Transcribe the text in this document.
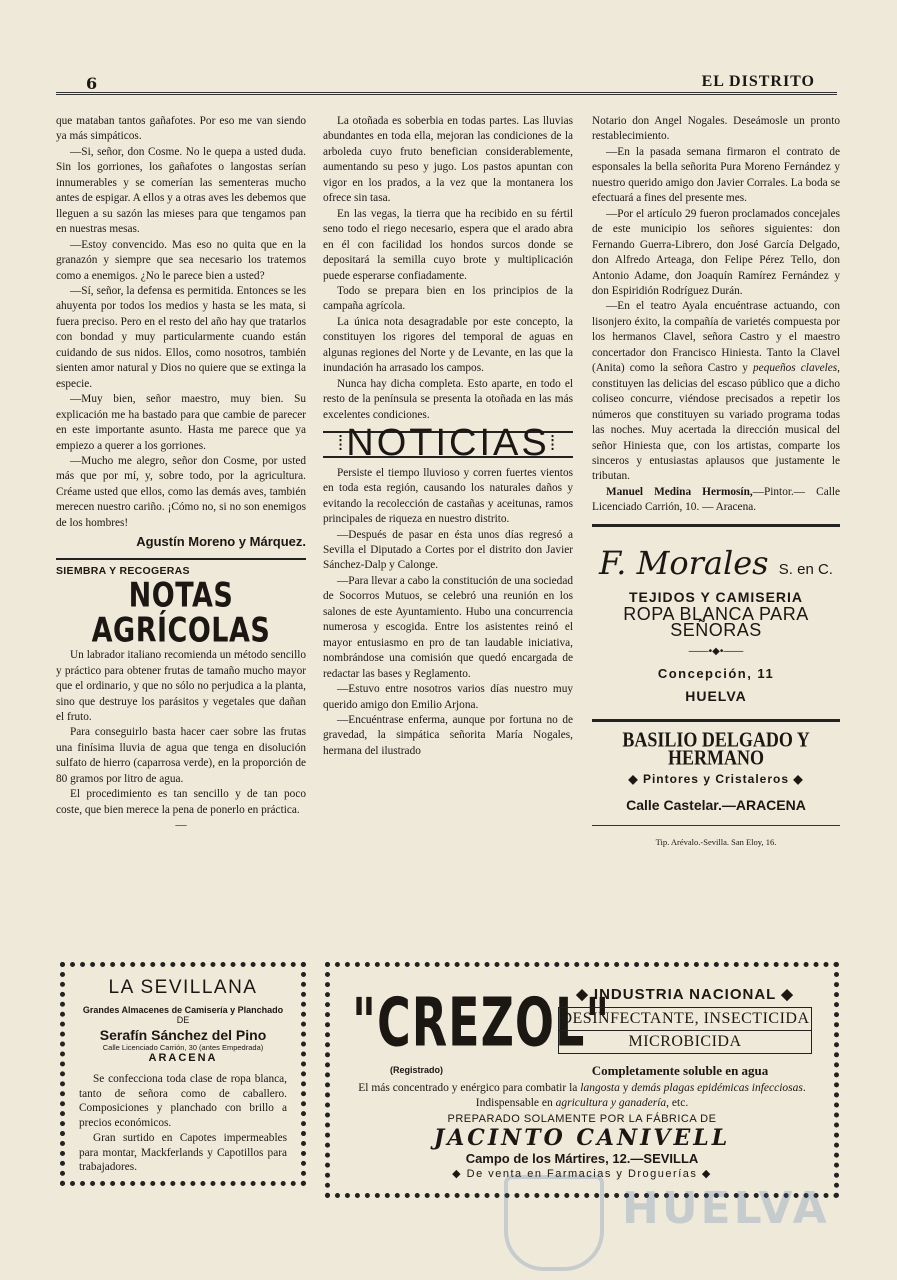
6	EL DISTRITO

que mataban tantos gañafotes. Por eso me van siendo ya más simpáticos.

—Si, señor, don Cosme. No le quepa a usted duda. Sin los gorriones, los gañafotes o langostas serían innumerables y se comerían las sementeras mucho antes de espigar. A ellos y a otras aves les debemos que lleguen a su sazón las mieses para que tengamos pan en nuestras mesas.

—Estoy convencido. Mas eso no quita que en la granazón y siempre que sea necesario los tratemos como a enemigos. ¿No le parece bien a usted?

—Sí, señor, la defensa es permitida. Entonces se les ahuyenta por todos los medios y hasta se les mata, si fuera preciso. Pero en el resto del año hay que tratarlos con bondad y muy particularmente cuando están cuidando de sus nidos. Ellos, como nosotros, también sienten amor natural y Dios no quiere que se extinga la especie.

—Muy bien, señor maestro, muy bien. Su explicación me ha bastado para que cambie de parecer en este importante asunto. Hasta me parece que ya empiezo a querer a los gorriones.

—Mucho me alegro, señor don Cosme, por usted más que por mí, y, sobre todo, por la agricultura. Créame usted que ellos, como las demás aves, también merecen nuestro cariño. ¡Cómo no, si no son enemigos de los hombres!

Agustín Moreno y Márquez.
SIEMBRA Y RECOGERAS
NOTAS AGRÍCOLAS

Un labrador italiano recomienda un método sencillo y práctico para obtener frutas de tamaño mucho mayor que el ordinario, y que no sólo no perjudica a la planta, sino que destruye los parásitos y vegetales que dañan el fruto.

Para conseguirlo basta hacer caer sobre las frutas una finísima lluvia de agua que tenga en disolución sulfato de hierro (caparrosa verde), en la proporción de 80 gramos por litro de agua.

El procedimiento es tan sencillo y de tan poco coste, que bien merece la pena de ponerlo en práctica.

—

La otoñada es soberbia en todas partes. Las lluvias abundantes en toda ella, mejoran las condiciones de la arboleda cuyo fruto benefician considerablemente, aumentando su peso y jugo. Los pastos apuntan con vigor en los prados, a la vez que la montanera los ofrece sin tasa.

En las vegas, la tierra que ha recibido en su fértil seno todo el riego necesario, espera que el arado abra en él con facilidad los hondos surcos donde se depositará la semilla cuyo brote y multiplicación puede esperarse confiadamente.

Todo se prepara bien en los principios de la campaña agrícola.

La única nota desagradable por este concepto, la constituyen los rigores del temporal de aguas en algunas regiones del Norte y de Levante, en las que la inundación ha arrasado los campos.

Nunca hay dicha completa. Esto aparte, en todo el resto de la península se presenta la otoñada en las más excelentes condiciones.

⁞NOTICIAS⁞

Persiste el tiempo lluvioso y corren fuertes vientos en toda esta región, causando los naturales daños y evitando la recolección de castañas y aceitunas, ramos principales de riqueza en nuestro distrito.

—Después de pasar en ésta unos días regresó a Sevilla el Diputado a Cortes por el distrito don Javier Sánchez-Dalp y Calonge.

—Para llevar a cabo la constitución de una sociedad de Socorros Mutuos, se celebró una reunión en los salones de este Ayuntamiento. Hubo una concurrencia numerosa y escogida. Entre los asistentes reinó el mayor entusiasmo en pro de tan laudable iniciativa, nombrándose una comisión que quedó encargada de redactar las bases y Reglamento.

—Estuvo entre nosotros varios días nuestro muy querido amigo don Emilio Arjona.

—Encuéntrase enferma, aunque por fortuna no de gravedad, la simpática señorita María Nogales, hermana del ilustrado

Notario don Angel Nogales. Deseámosle un pronto restablecimiento.

—En la pasada semana firmaron el contrato de esponsales la bella señorita Pura Moreno Fernández y nuestro querido amigo don Javier Corrales. La boda se efectuará a fines del presente mes.

—Por el artículo 29 fueron proclamados concejales de este municipio los señores siguientes: don Fernando Guerra-Librero, don José García Delgado, don Alfredo Arteaga, don Felipe Pérez Tello, don Antonio Adame, don Joaquín Ramírez Fernández y don Espiridión Rodríguez Durán.

—En el teatro Ayala encuéntrase actuando, con lisonjero éxito, la compañía de varietés compuesta por los hermanos Clavel, señora Castro y el maestro concertador don Francisco Hiniesta. Tanto la Clavel (Anita) como la señora Castro y pequeños claveles, constituyen las delicias del escaso público que a dicho coliseo concurre, viéndose precisados a repetir los números que constituyen su variado programa todas las noches. Muy acertada la dirección musical del señor Hiniesta que, con los artistas, comparte los sinceros y entusiastas aplausos que justamente le tributan.

Manuel Medina Hermosín,—Pintor.— Calle Licenciado Carrión, 10. — Aracena.

F. Morales S. en C.
TEJIDOS Y CAMISERIA
ROPA BLANCA PARA SEÑORAS
——•◆•——
Concepción, 11
HUELVA
BASILIO DELGADO Y HERMANO
◆ Pintores y Cristaleros ◆
Calle Castelar.—ARACENA
Tip. Arévalo.-Sevilla. San Eloy, 16.
LA SEVILLANA
Grandes Almacenes de Camisería y Planchado
DE
Serafín Sánchez del Pino
Calle Licenciado Carrión, 30 (antes Empedrada)
ARACENA

Se confecciona toda clase de ropa blanca, tanto de señora como de caballero. Composiciones y planchado con brillo a precios económicos.

Gran surtido en Capotes impermeables para montar, Mackferlands y Capotillos para trabajadores.

"CREZOL"
(Registrado)
◆ INDUSTRIA NACIONAL ◆
DESINFECTANTE, INSECTICIDA
MICROBICIDA
Completamente soluble en agua
El más concentrado y enérgico para combatir la langosta y demás plagas epidémicas infecciosas. Indispensable en agricultura y ganadería, etc.
PREPARADO SOLAMENTE POR LA FÁBRICA DE
JACINTO CANIVELL
Campo de los Mártires, 12.—SEVILLA
◆ De venta en Farmacias y Droguerías ◆
HUELVA
